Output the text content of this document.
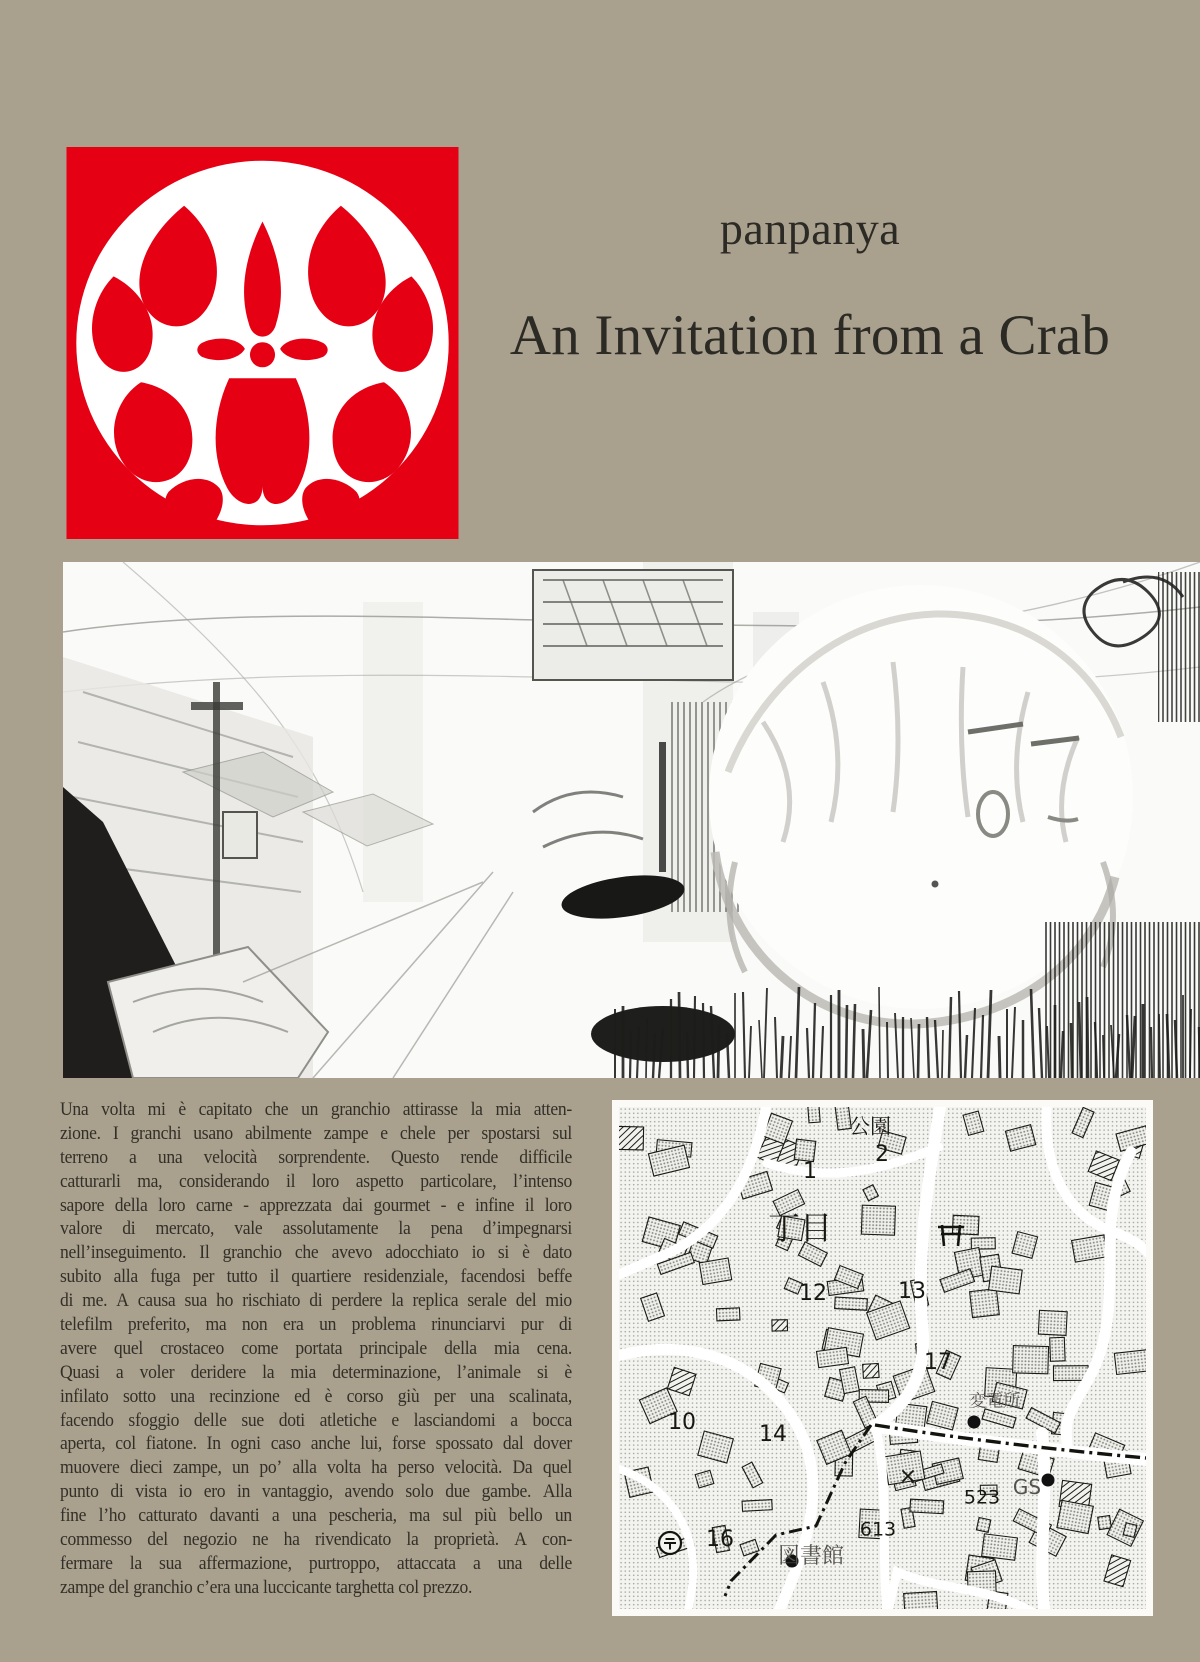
panpanya
An Invitation from a Crab
Una volta mi è capitato che un granchio attirasse la mia atten-
zione. I granchi usano abilmente zampe e chele per spostarsi sul
terreno a una velocità sorprendente. Questo rende difficile
catturarli ma, considerando il loro aspetto particolare, l’intenso
sapore della loro carne - apprezzata dai gourmet - e infine il loro
valore di mercato, vale assolutamente la pena d’impegnarsi
nell’inseguimento. Il granchio che avevo adocchiato io si è dato
subito alla fuga per tutto il quartiere residenziale, facendosi beffe
di me. A causa sua ho rischiato di perdere la replica serale del mio
telefilm preferito, ma non era un problema rinunciarvi pur di
avere quel crostaceo come portata principale della mia cena.
Quasi a voler deridere la mia determinazione, l’animale si è
infilato sotto una recinzione ed è corso giù per una scalinata,
facendo sfoggio delle sue doti atletiche e lasciandomi a bocca
aperta, col fiatone. In ogni caso anche lui, forse spossato dal dover
muovere dieci zampe, un po’ alla volta ha perso velocità. Da quel
punto di vista io ero in vantaggio, avendo solo due gambe. Alla
fine l’ho catturato davanti a una pescheria, ma sul più bello un
commesso del negozio ne ha rivendicato la proprietà. A con-
fermare la sua affermazione, purtroppo, attaccata a una delle
zampe del granchio c’era una luccicante targhetta col prezzo.
公園
2
1
丁目
12	13
17
10	14
×
変電所
523 GS
613
16
図書館
